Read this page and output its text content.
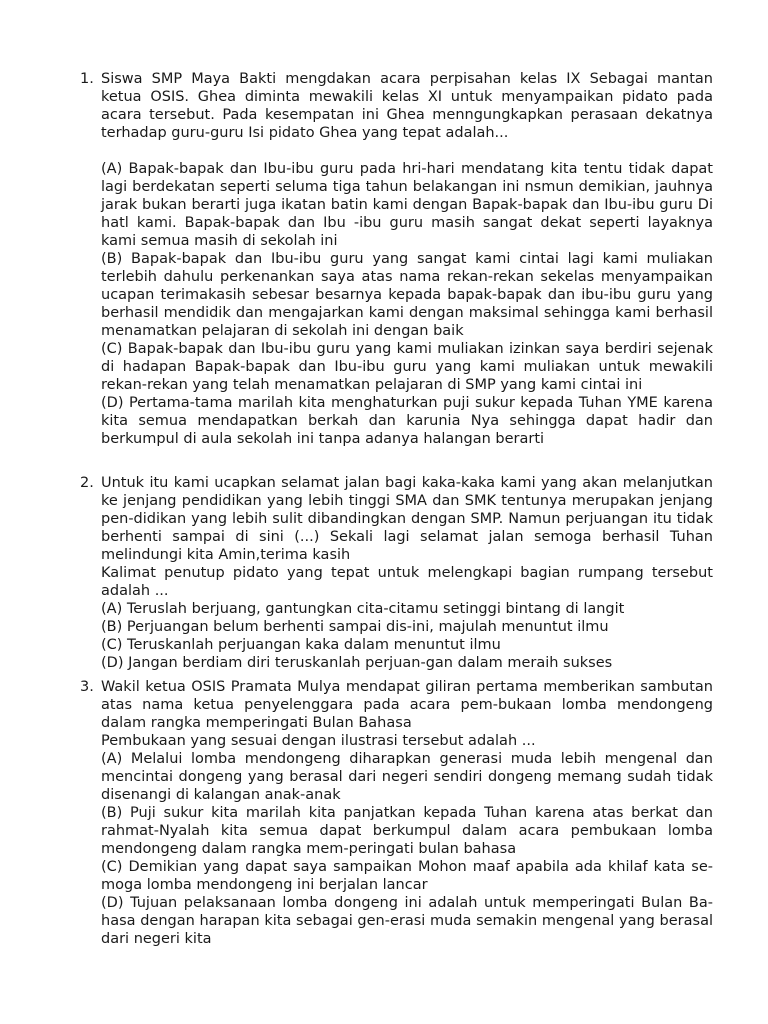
1. Siswa SMP Maya Bakti mengdakan acara perpisahan kelas IX Sebagai mantan ketua OSIS. Ghea diminta mewakili kelas XI untuk menyampaikan pidato pada acara tersebut. Pada kesempatan ini Ghea menngungkapkan perasaan dekatnya terhadap guru-guru Isi pidato Ghea yang tepat adalah...

(A) Bapak-bapak dan Ibu-ibu guru pada hri-hari mendatang kita tentu tidak dapat lagi berdekatan seperti seluma tiga tahun belakangan ini nsmun demikian, jauhnya jarak bukan berarti juga ikatan batin kami dengan Bapak-bapak dan Ibu-ibu guru Di hatl kami. Bapak-bapak dan Ibu -ibu guru masih sangat dekat seperti layaknya kami semua masih di sekolah ini

(B) Bapak-bapak dan Ibu-ibu guru yang sangat kami cintai lagi kami muliakan terlebih dahulu perkenankan saya atas nama rekan-rekan sekelas menyampaikan ucapan terimakasih sebesar besarnya kepada bapak-bapak dan ibu-ibu guru yang berhasil mendidik dan mengajarkan kami dengan maksimal sehingga kami berhasil menamatkan pelajaran di sekolah ini dengan baik

(C) Bapak-bapak dan Ibu-ibu guru yang kami muliakan izinkan saya berdiri sejenak di hadapan Bapak-bapak dan Ibu-ibu guru yang kami muliakan untuk mewakili rekan-rekan yang telah menamatkan pelajaran di SMP yang kami cintai ini

(D) Pertama-tama marilah kita menghaturkan puji sukur kepada Tuhan YME karena kita semua mendapatkan berkah dan karunia Nya sehingga dapat hadir dan berkumpul di aula sekolah ini tanpa adanya halangan berarti

2. Untuk itu kami ucapkan selamat jalan bagi kaka-kaka kami yang akan melanjutkan ke jenjang pendidikan yang lebih tinggi SMA dan SMK tentunya merupakan jenjang pen-didikan yang lebih sulit dibandingkan dengan SMP. Namun perjuangan itu tidak berhenti sampai di sini (...) Sekali lagi selamat jalan semoga berhasil Tuhan melindungi kita Amin,terima kasih

Kalimat penutup pidato yang tepat untuk melengkapi bagian rumpang tersebut adalah ...

(A) Teruslah berjuang, gantungkan cita-citamu setinggi bintang di langit

(B) Perjuangan belum berhenti sampai dis-ini, majulah menuntut ilmu

(C) Teruskanlah perjuangan kaka dalam menuntut ilmu

(D) Jangan berdiam diri teruskanlah perjuan-gan dalam meraih sukses

3. Wakil ketua OSIS Pramata Mulya mendapat giliran pertama memberikan sambutan atas nama ketua penyelenggara pada acara pem-bukaan lomba mendongeng dalam rangka memperingati Bulan Bahasa

Pembukaan yang sesuai dengan ilustrasi tersebut adalah ...

(A) Melalui lomba mendongeng diharapkan generasi muda lebih mengenal dan mencintai dongeng yang berasal dari negeri sendiri dongeng memang sudah tidak disenangi di kalangan anak-anak

(B) Puji sukur kita marilah kita panjatkan kepada Tuhan karena atas berkat dan rahmat-Nyalah kita semua dapat berkumpul dalam acara pembukaan lomba mendongeng dalam rangka mem-peringati bulan bahasa

(C) Demikian yang dapat saya sampaikan Mohon maaf apabila ada khilaf kata se-moga lomba mendongeng ini berjalan lancar

(D) Tujuan pelaksanaan lomba dongeng ini adalah untuk memperingati Bulan Ba-hasa dengan harapan kita sebagai gen-erasi muda semakin mengenal yang berasal dari negeri kita
